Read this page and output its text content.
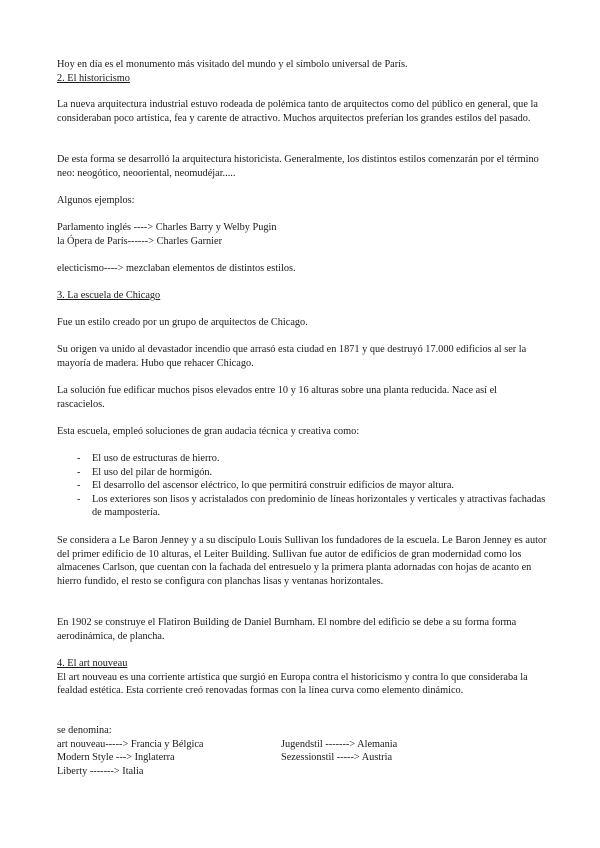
Hoy en día es el monumento más visitado del mundo y el símbolo universal de París.

2. El historicismo

La nueva arquitectura industrial estuvo rodeada de polémica tanto de arquitectos como del público en general, que la consideraban poco artística, fea y carente de atractivo. Muchos arquitectos preferían los grandes estilos del pasado.

De esta forma se desarrolló la arquitectura historicista. Generalmente, los distintos estilos comenzarán por el término neo: neogótico, neooriental, neomudéjar.....

Algunos ejemplos:

Parlamento inglés ----> Charles Barry y Welby Pugin

la Ópera de París------> Charles Garnier

electicismo----> mezclaban elementos de distintos estilos.

3. La escuela de Chicago

Fue un estilo creado por un grupo de arquitectos de Chicago.

Su origen va unido al devastador incendio que arrasó esta ciudad en 1871 y que destruyó 17.000 edificios al ser la mayoría de madera. Hubo que rehacer Chicago.

La solución fue edificar muchos pisos elevados entre 10 y 16 alturas sobre una planta reducida. Nace así el rascacielos.

Esta escuela, empleó soluciones de gran audacia técnica y creativa como:

- El uso de estructuras de hierro.
- El uso del pilar de hormigón.
- El desarrollo del ascensor eléctrico, lo que permitirá construir edificios de mayor altura.
- Los exteriores son lisos y acristalados con predominio de líneas horizontales y verticales y atractivas fachadas de mampostería.

Se considera a Le Baron Jenney y a su discípulo Louis Sullivan los fundadores de la escuela. Le Baron Jenney es autor del primer edificio de 10 alturas, el Leiter Building. Sullivan fue autor de edificios de gran modernidad como los almacenes Carlson, que cuentan con la fachada del entresuelo y la primera planta adornadas con hojas de acanto en hierro fundido, el resto se configura con planchas lisas y ventanas horizontales.

En 1902 se construye el Flatiron Building de Daniel Burnham. El nombre del edificio se debe a su forma forma aerodinámica, de plancha.

4. El art nouveau

El art nouveau es una corriente artística que surgió en Europa contra el historicismo y contra lo que consideraba la fealdad estética. Esta corriente creó renovadas formas con la línea curva como elemento dinámico.

se denomina:

art nouveau-----> Francia y Bélgica	Jugendstil -------> Alemania
Modern Style ---> Inglaterra	Sezessionstil -----> Austria
Liberty -------> Italia
